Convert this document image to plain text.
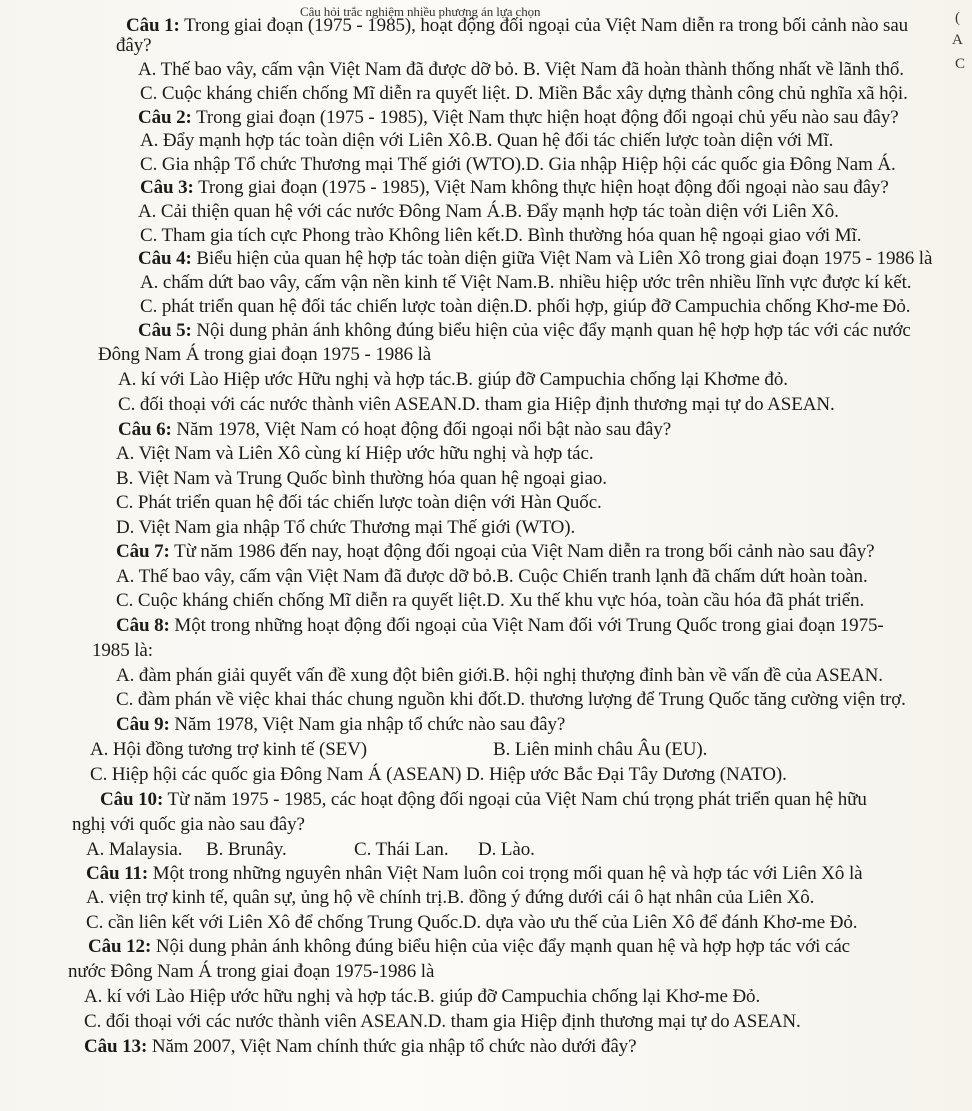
Câu hỏi trắc nghiệm nhiều phương án lựa chọn	(
A
C
Câu 1: Trong giai đoạn (1975 - 1985), hoạt động đối ngoại của Việt Nam diễn ra trong bối cảnh nào sau
đây?
A. Thế bao vây, cấm vận Việt Nam đã được dỡ bỏ. B. Việt Nam đã hoàn thành thống nhất về lãnh thổ.
C. Cuộc kháng chiến chống Mĩ diễn ra quyết liệt. D. Miền Bắc xây dựng thành công chủ nghĩa xã hội.
Câu 2: Trong giai đoạn (1975 - 1985), Việt Nam thực hiện hoạt động đối ngoại chủ yếu nào sau đây?
A. Đẩy mạnh hợp tác toàn diện với Liên Xô.B. Quan hệ đối tác chiến lược toàn diện với Mĩ.
C. Gia nhập Tổ chức Thương mại Thế giới (WTO).D. Gia nhập Hiệp hội các quốc gia Đông Nam Á.
Câu 3: Trong giai đoạn (1975 - 1985), Việt Nam không thực hiện hoạt động đối ngoại nào sau đây?
A. Cải thiện quan hệ với các nước Đông Nam Á.B. Đẩy mạnh hợp tác toàn diện với Liên Xô.
C. Tham gia tích cực Phong trào Không liên kết.D. Bình thường hóa quan hệ ngoại giao với Mĩ.
Câu 4: Biểu hiện của quan hệ hợp tác toàn diện giữa Việt Nam và Liên Xô trong giai đoạn 1975 - 1986 là
A. chấm dứt bao vây, cấm vận nền kinh tế Việt Nam.B. nhiều hiệp ước trên nhiều lĩnh vực được kí kết.
C. phát triển quan hệ đối tác chiến lược toàn diện.D. phối hợp, giúp đỡ Campuchia chống Khơ-me Đỏ.
Câu 5: Nội dung phản ánh không đúng biểu hiện của việc đẩy mạnh quan hệ hợp hợp tác với các nước
Đông Nam Á trong giai đoạn 1975 - 1986 là
A. kí với Lào Hiệp ước Hữu nghị và hợp tác.B. giúp đỡ Campuchia chống lại Khơme đỏ.
C. đối thoại với các nước thành viên ASEAN.D. tham gia Hiệp định thương mại tự do ASEAN.
Câu 6: Năm 1978, Việt Nam có hoạt động đối ngoại nổi bật nào sau đây?
A. Việt Nam và Liên Xô cùng kí Hiệp ước hữu nghị và hợp tác.
B. Việt Nam và Trung Quốc bình thường hóa quan hệ ngoại giao.
C. Phát triển quan hệ đối tác chiến lược toàn diện với Hàn Quốc.
D. Việt Nam gia nhập Tổ chức Thương mại Thế giới (WTO).
Câu 7: Từ năm 1986 đến nay, hoạt động đối ngoại của Việt Nam diễn ra trong bối cảnh nào sau đây?
A. Thế bao vây, cấm vận Việt Nam đã được dỡ bỏ.B. Cuộc Chiến tranh lạnh đã chấm dứt hoàn toàn.
C. Cuộc kháng chiến chống Mĩ diễn ra quyết liệt.D. Xu thế khu vực hóa, toàn cầu hóa đã phát triển.
Câu 8: Một trong những hoạt động đối ngoại của Việt Nam đối với Trung Quốc trong giai đoạn 1975-
1985 là:
A. đàm phán giải quyết vấn đề xung đột biên giới.B. hội nghị thượng đỉnh bàn về vấn đề của ASEAN.
C. đàm phán về việc khai thác chung nguồn khi đốt.D. thương lượng để Trung Quốc tăng cường viện trợ.
Câu 9: Năm 1978, Việt Nam gia nhập tổ chức nào sau đây?
A. Hội đồng tương trợ kinh tế (SEV)	B. Liên minh châu Âu (EU).
C. Hiệp hội các quốc gia Đông Nam Á (ASEAN) D. Hiệp ước Bắc Đại Tây Dương (NATO).
Câu 10: Từ năm 1975 - 1985, các hoạt động đối ngoại của Việt Nam chú trọng phát triển quan hệ hữu
nghị với quốc gia nào sau đây?
A. Malaysia. B. Brunây.	C. Thái Lan. D. Lào.
Câu 11: Một trong những nguyên nhân Việt Nam luôn coi trọng mối quan hệ và hợp tác với Liên Xô là
A. viện trợ kinh tế, quân sự, ủng hộ về chính trị.B. đồng ý đứng dưới cái ô hạt nhân của Liên Xô.
C. cần liên kết với Liên Xô để chống Trung Quốc.D. dựa vào ưu thế của Liên Xô để đánh Khơ-me Đỏ.
Câu 12: Nội dung phản ánh không đúng biểu hiện của việc đẩy mạnh quan hệ và hợp hợp tác với các
nước Đông Nam Á trong giai đoạn 1975-1986 là
A. kí với Lào Hiệp ước hữu nghị và hợp tác.B. giúp đỡ Campuchia chống lại Khơ-me Đỏ.
C. đối thoại với các nước thành viên ASEAN.D. tham gia Hiệp định thương mại tự do ASEAN.
Câu 13: Năm 2007, Việt Nam chính thức gia nhập tổ chức nào dưới đây?
